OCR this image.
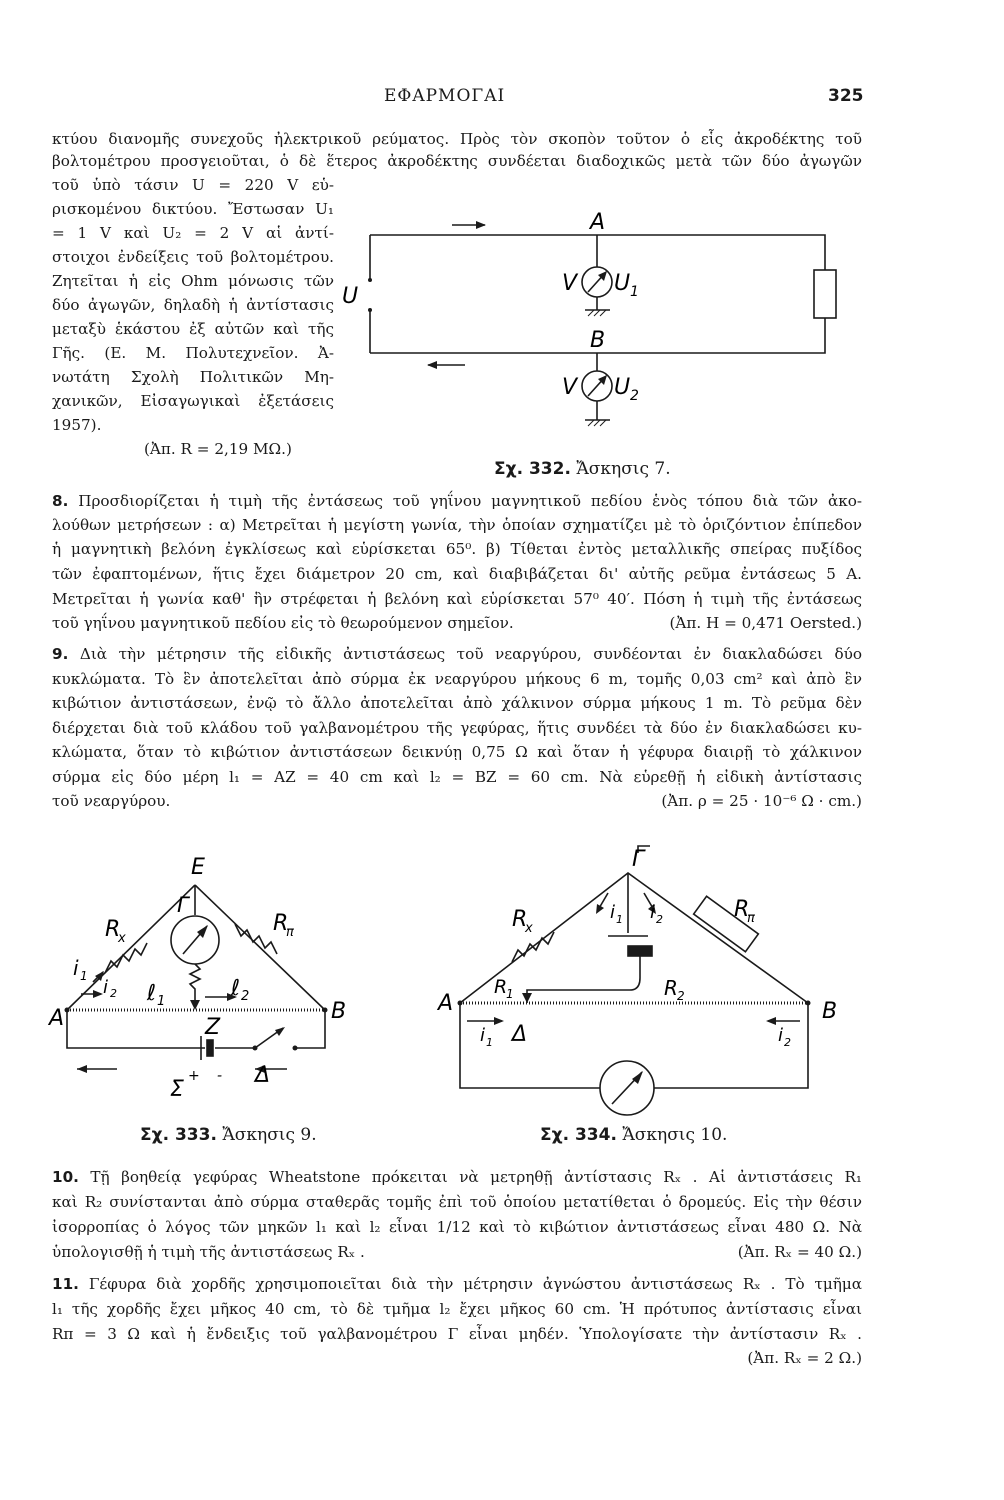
ΕΦΑΡΜΟΓΑΙ	325
κτύου διανομῆς συνεχοῦς ἠλεκτρικοῦ ρεύματος. Πρὸς τὸν σκοπὸν τοῦτον ὁ εἷς ἀκροδέκτης τοῦ
βολτομέτρου προσγειοῦται, ὁ δὲ ἕτερος ἀκροδέκτης συνδέεται διαδοχικῶς μετὰ τῶν δύο ἀγωγῶν
τοῦ ὑπὸ τάσιν U = 220 V εὑ-
ρισκομένου δικτύου. Ἔστωσαν U₁
= 1 V καὶ U₂ = 2 V αἱ ἀντί-
στοιχοι ἐνδείξεις τοῦ βολτομέτρου.
Ζητεῖται ἡ εἰς Ohm μόνωσις τῶν
δύο ἀγωγῶν, δηλαδὴ ἡ ἀντίστασις
μεταξὺ ἑκάστου ἐξ αὐτῶν καὶ τῆς
Γῆς. (Ε. Μ. Πολυτεχνεῖον. Ἀ-
νωτάτη Σχολὴ Πολιτικῶν Μη-
χανικῶν, Εἰσαγωγικαὶ ἐξετάσεις
1957).
(Ἀπ. R = 2,19 MΩ.)
A
B
U
V U 1
V U 2
Σχ. 332. Ἄσκησις 7.
8. Προσδιορίζεται ἡ τιμὴ τῆς ἐντάσεως τοῦ γηΐνου μαγνητικοῦ πεδίου ἑνὸς τόπου διὰ τῶν ἀκο-
λούθων μετρήσεων : α) Μετρεῖται ἡ μεγίστη γωνία, τὴν ὁποίαν σχηματίζει μὲ τὸ ὁριζόντιον ἐπίπεδον
ἡ μαγνητικὴ βελόνη ἐγκλίσεως καὶ εὑρίσκεται 65⁰. β) Τίθεται ἐντὸς μεταλλικῆς σπείρας πυξίδος
τῶν ἐφαπτομένων, ἥτις ἔχει διάμετρον 20 cm, καὶ διαβιβάζεται δι' αὐτῆς ρεῦμα ἐντάσεως 5 A.
Μετρεῖται ἡ γωνία καθ' ἣν στρέφεται ἡ βελόνη καὶ εὑρίσκεται 57⁰ 40′. Πόση ἡ τιμὴ τῆς ἐντάσεως
τοῦ γηΐνου μαγνητικοῦ πεδίου εἰς τὸ θεωρούμενον σημεῖον.	(Ἀπ. H = 0,471 Oersted.)
9. Διὰ τὴν μέτρησιν τῆς εἰδικῆς ἀντιστάσεως τοῦ νεαργύρου, συνδέονται ἐν διακλαδώσει δύο
κυκλώματα. Τὸ ἓν ἀποτελεῖται ἀπὸ σύρμα ἐκ νεαργύρου μήκους 6 m, τομῆς 0,03 cm² καὶ ἀπὸ ἓν
κιβώτιον ἀντιστάσεων, ἐνῷ τὸ ἄλλο ἀποτελεῖται ἀπὸ χάλκινον σύρμα μήκους 1 m. Τὸ ρεῦμα δὲν
διέρχεται διὰ τοῦ κλάδου τοῦ γαλβανομέτρου τῆς γεφύρας, ἥτις συνδέει τὰ δύο ἐν διακλαδώσει κυ-
κλώματα, ὅταν τὸ κιβώτιον ἀντιστάσεων δεικνύῃ 0,75 Ω καὶ ὅταν ἡ γέφυρα διαιρῇ τὸ χάλκινον
σύρμα εἰς δύο μέρη l₁ = AZ = 40 cm καὶ l₂ = BZ = 60 cm. Νὰ εὑρεθῇ ἡ εἰδικὴ ἀντίστασις
τοῦ νεαργύρου.	(Ἀπ. ρ = 25 · 10⁻⁶ Ω · cm.)
E
Γ
R
x
R
π
i 1
i 2 ℓ 1
ℓ 2
A	B
Z
Δ
Σ
+ -
Σχ. 333. Ἄσκησις 9.
Γ
R
x
R
π
i 1 i 2
R
1	R 2
A	B
Δ
i 1	i 2
Σχ. 334. Ἄσκησις 10.
10. Τῇ βοηθείᾳ γεφύρας Wheatstone πρόκειται νὰ μετρηθῇ ἀντίστασις Rₓ . Αἱ ἀντιστάσεις R₁
καὶ R₂ συνίστανται ἀπὸ σύρμα σταθερᾶς τομῆς ἐπὶ τοῦ ὁποίου μετατίθεται ὁ δρομεύς. Εἰς τὴν θέσιν
ἰσορροπίας ὁ λόγος τῶν μηκῶν l₁ καὶ l₂ εἶναι 1/12 καὶ τὸ κιβώτιον ἀντιστάσεως εἶναι 480 Ω. Νὰ
ὑπολογισθῇ ἡ τιμὴ τῆς ἀντιστάσεως Rₓ .	(Ἀπ. Rₓ = 40 Ω.)
11. Γέφυρα διὰ χορδῆς χρησιμοποιεῖται διὰ τὴν μέτρησιν ἀγνώστου ἀντιστάσεως Rₓ . Τὸ τμῆμα
l₁ τῆς χορδῆς ἔχει μῆκος 40 cm, τὸ δὲ τμῆμα l₂ ἔχει μῆκος 60 cm. Ἡ πρότυπος ἀντίστασις εἶναι
Rπ = 3 Ω καὶ ἡ ἔνδειξις τοῦ γαλβανομέτρου Γ εἶναι μηδέν. Ὑπολογίσατε τὴν ἀντίστασιν Rₓ .
(Ἀπ. Rₓ = 2 Ω.)
